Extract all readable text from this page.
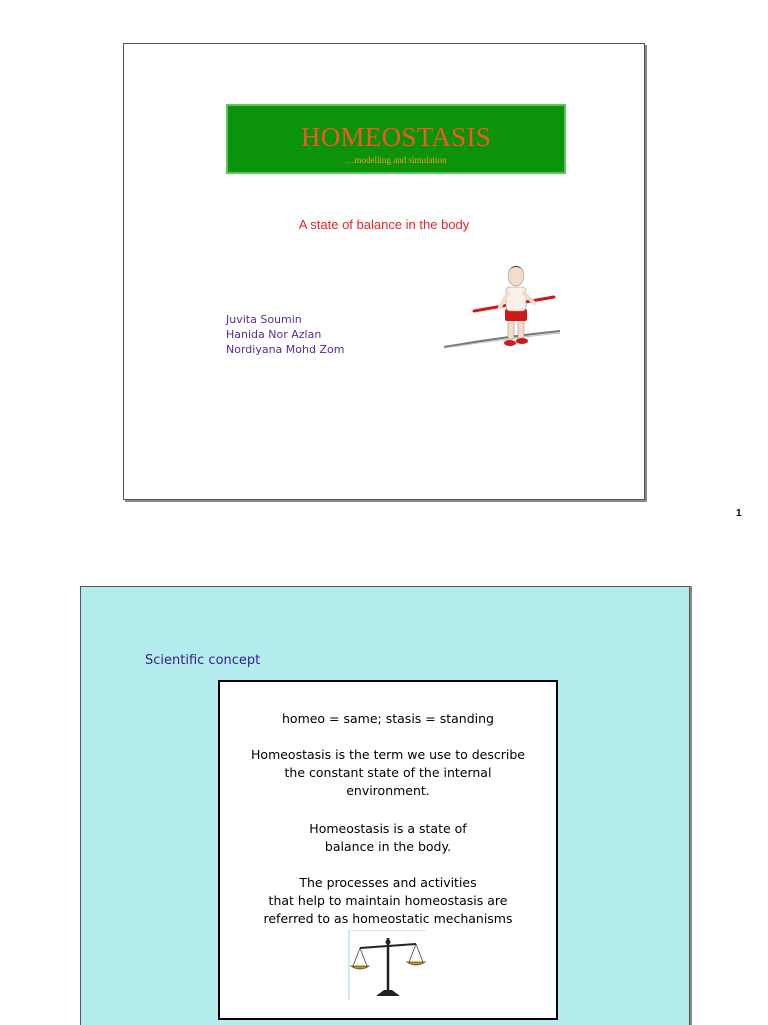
HOMEOSTASIS
…modelling and simulation
A state of balance in the body
Juvita Soumin
Hanida Nor Azlan
Nordiyana Mohd Zom
1
Scientific concept

homeo = same; stasis = standing

Homeostasis is the term we use to describe
the constant state of the internal
environment.
Homeostasis is a state of
balance in the body.
The processes and activities
that help to maintain homeostasis are
referred to as homeostatic mechanisms
